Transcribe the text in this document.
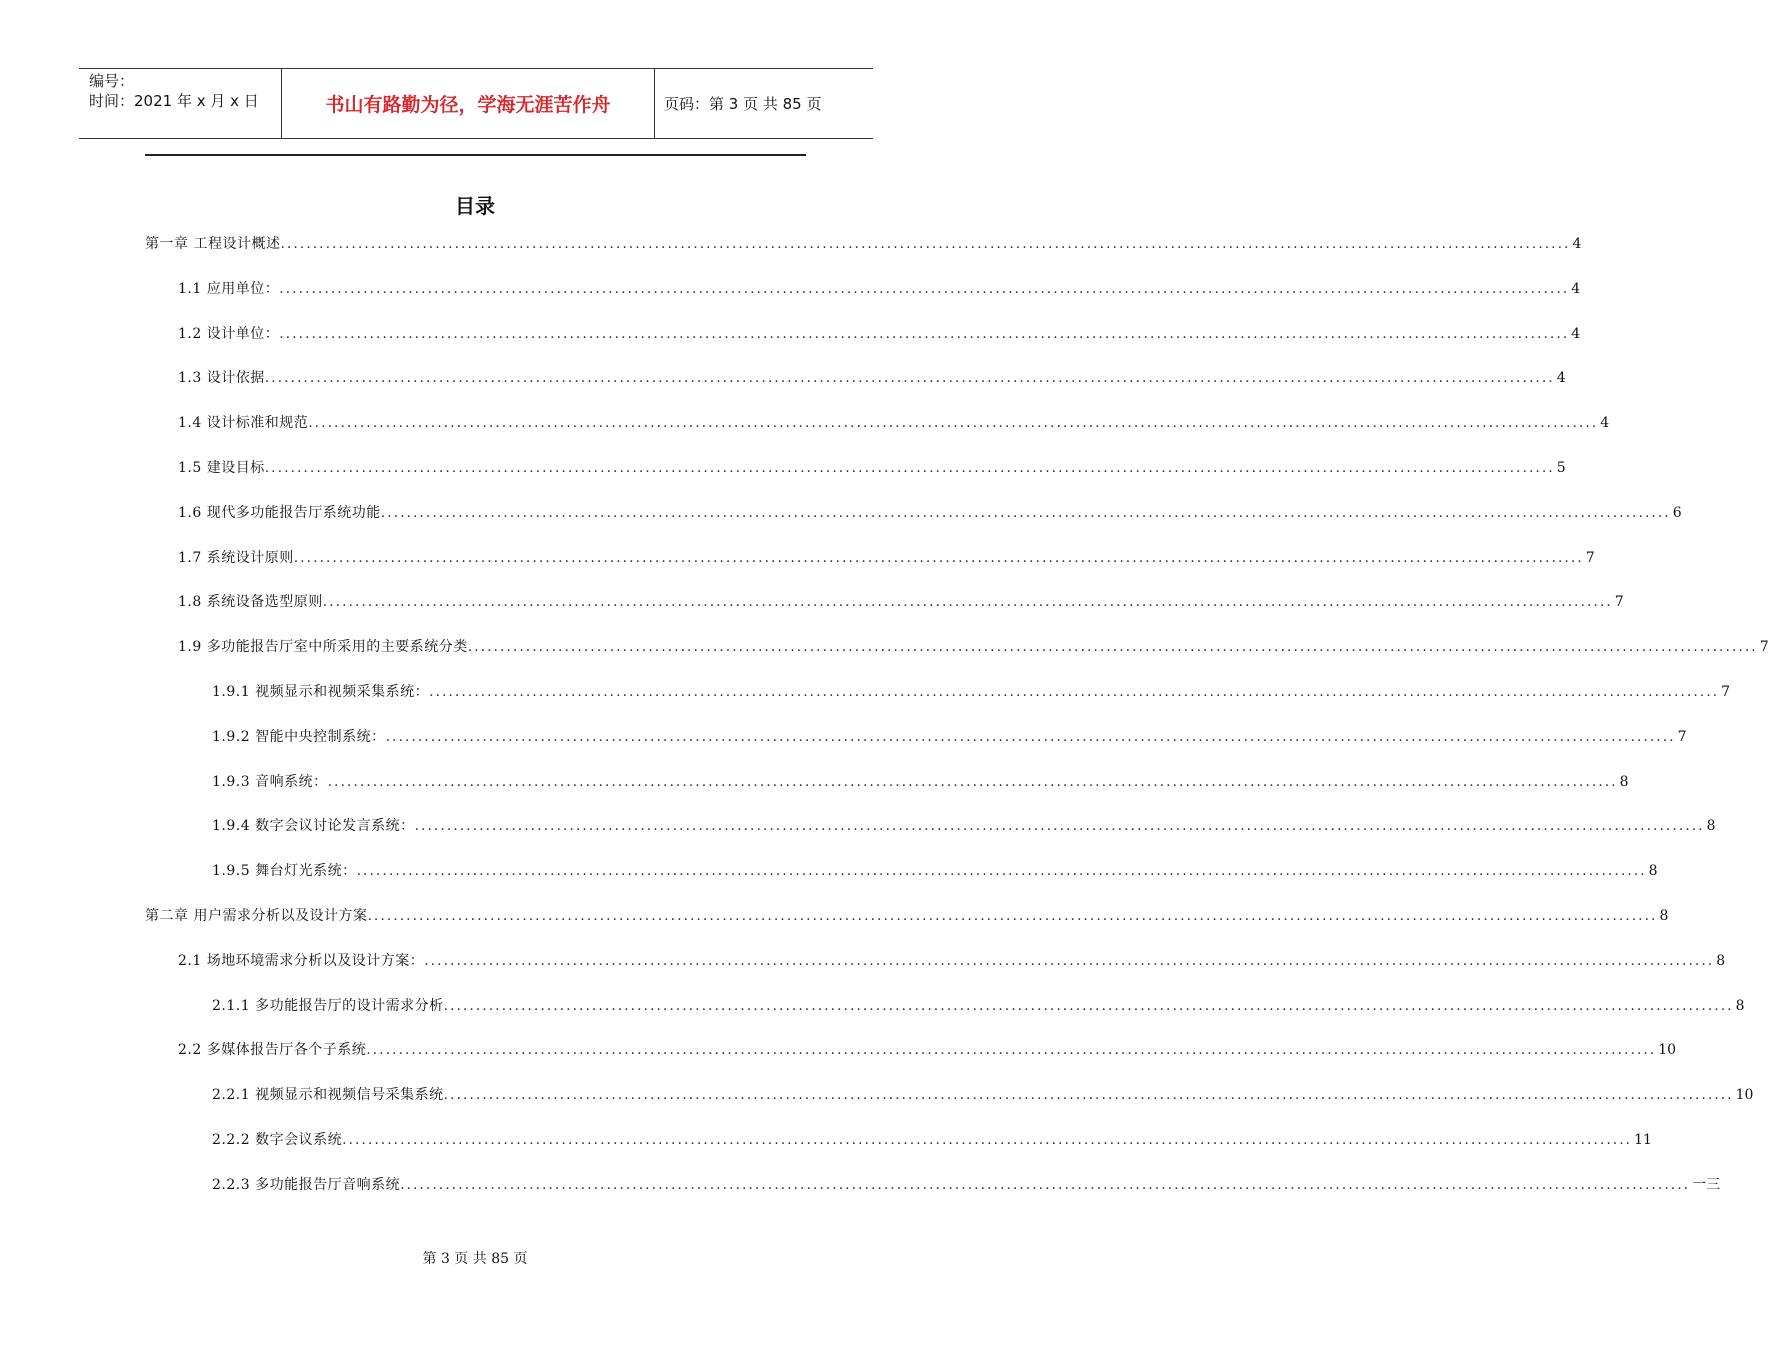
编号：
时间：2021 年 x 月 x 日	书山有路勤为径，学海无涯苦作舟	页码：第 3 页 共 85 页
目录
第一章 工程设计概述 ........................................................................................................................................................................................................ 4
1.1 应用单位： ........................................................................................................................................................................................................ 4
1.2 设计单位： ........................................................................................................................................................................................................ 4
1.3 设计依据 ........................................................................................................................................................................................................ 4
1.4 设计标准和规范 ........................................................................................................................................................................................................ 4
1.5 建设目标 ........................................................................................................................................................................................................ 5
1.6 现代多功能报告厅系统功能 ........................................................................................................................................................................................................ 6
1.7 系统设计原则 ........................................................................................................................................................................................................ 7
1.8 系统设备选型原则 ........................................................................................................................................................................................................ 7
1.9 多功能报告厅室中所采用的主要系统分类 ........................................................................................................................................................................................................ 7
1.9.1 视频显示和视频采集系统： ........................................................................................................................................................................................................ 7
1.9.2 智能中央控制系统： ........................................................................................................................................................................................................ 7
1.9.3 音响系统： ........................................................................................................................................................................................................ 8
1.9.4 数字会议讨论发言系统： ........................................................................................................................................................................................................ 8
1.9.5 舞台灯光系统： ........................................................................................................................................................................................................ 8
第二章 用户需求分析以及设计方案 ........................................................................................................................................................................................................ 8
2.1 场地环境需求分析以及设计方案： ........................................................................................................................................................................................................ 8
2.1.1 多功能报告厅的设计需求分析 ........................................................................................................................................................................................................ 8
2.2 多媒体报告厅各个子系统 ........................................................................................................................................................................................................ 10
2.2.1 视频显示和视频信号采集系统 ........................................................................................................................................................................................................ 10
2.2.2 数字会议系统 ........................................................................................................................................................................................................ 11
2.2.3 多功能报告厅音响系统 ........................................................................................................................................................................................................ 一三
第 3 页 共 85 页
